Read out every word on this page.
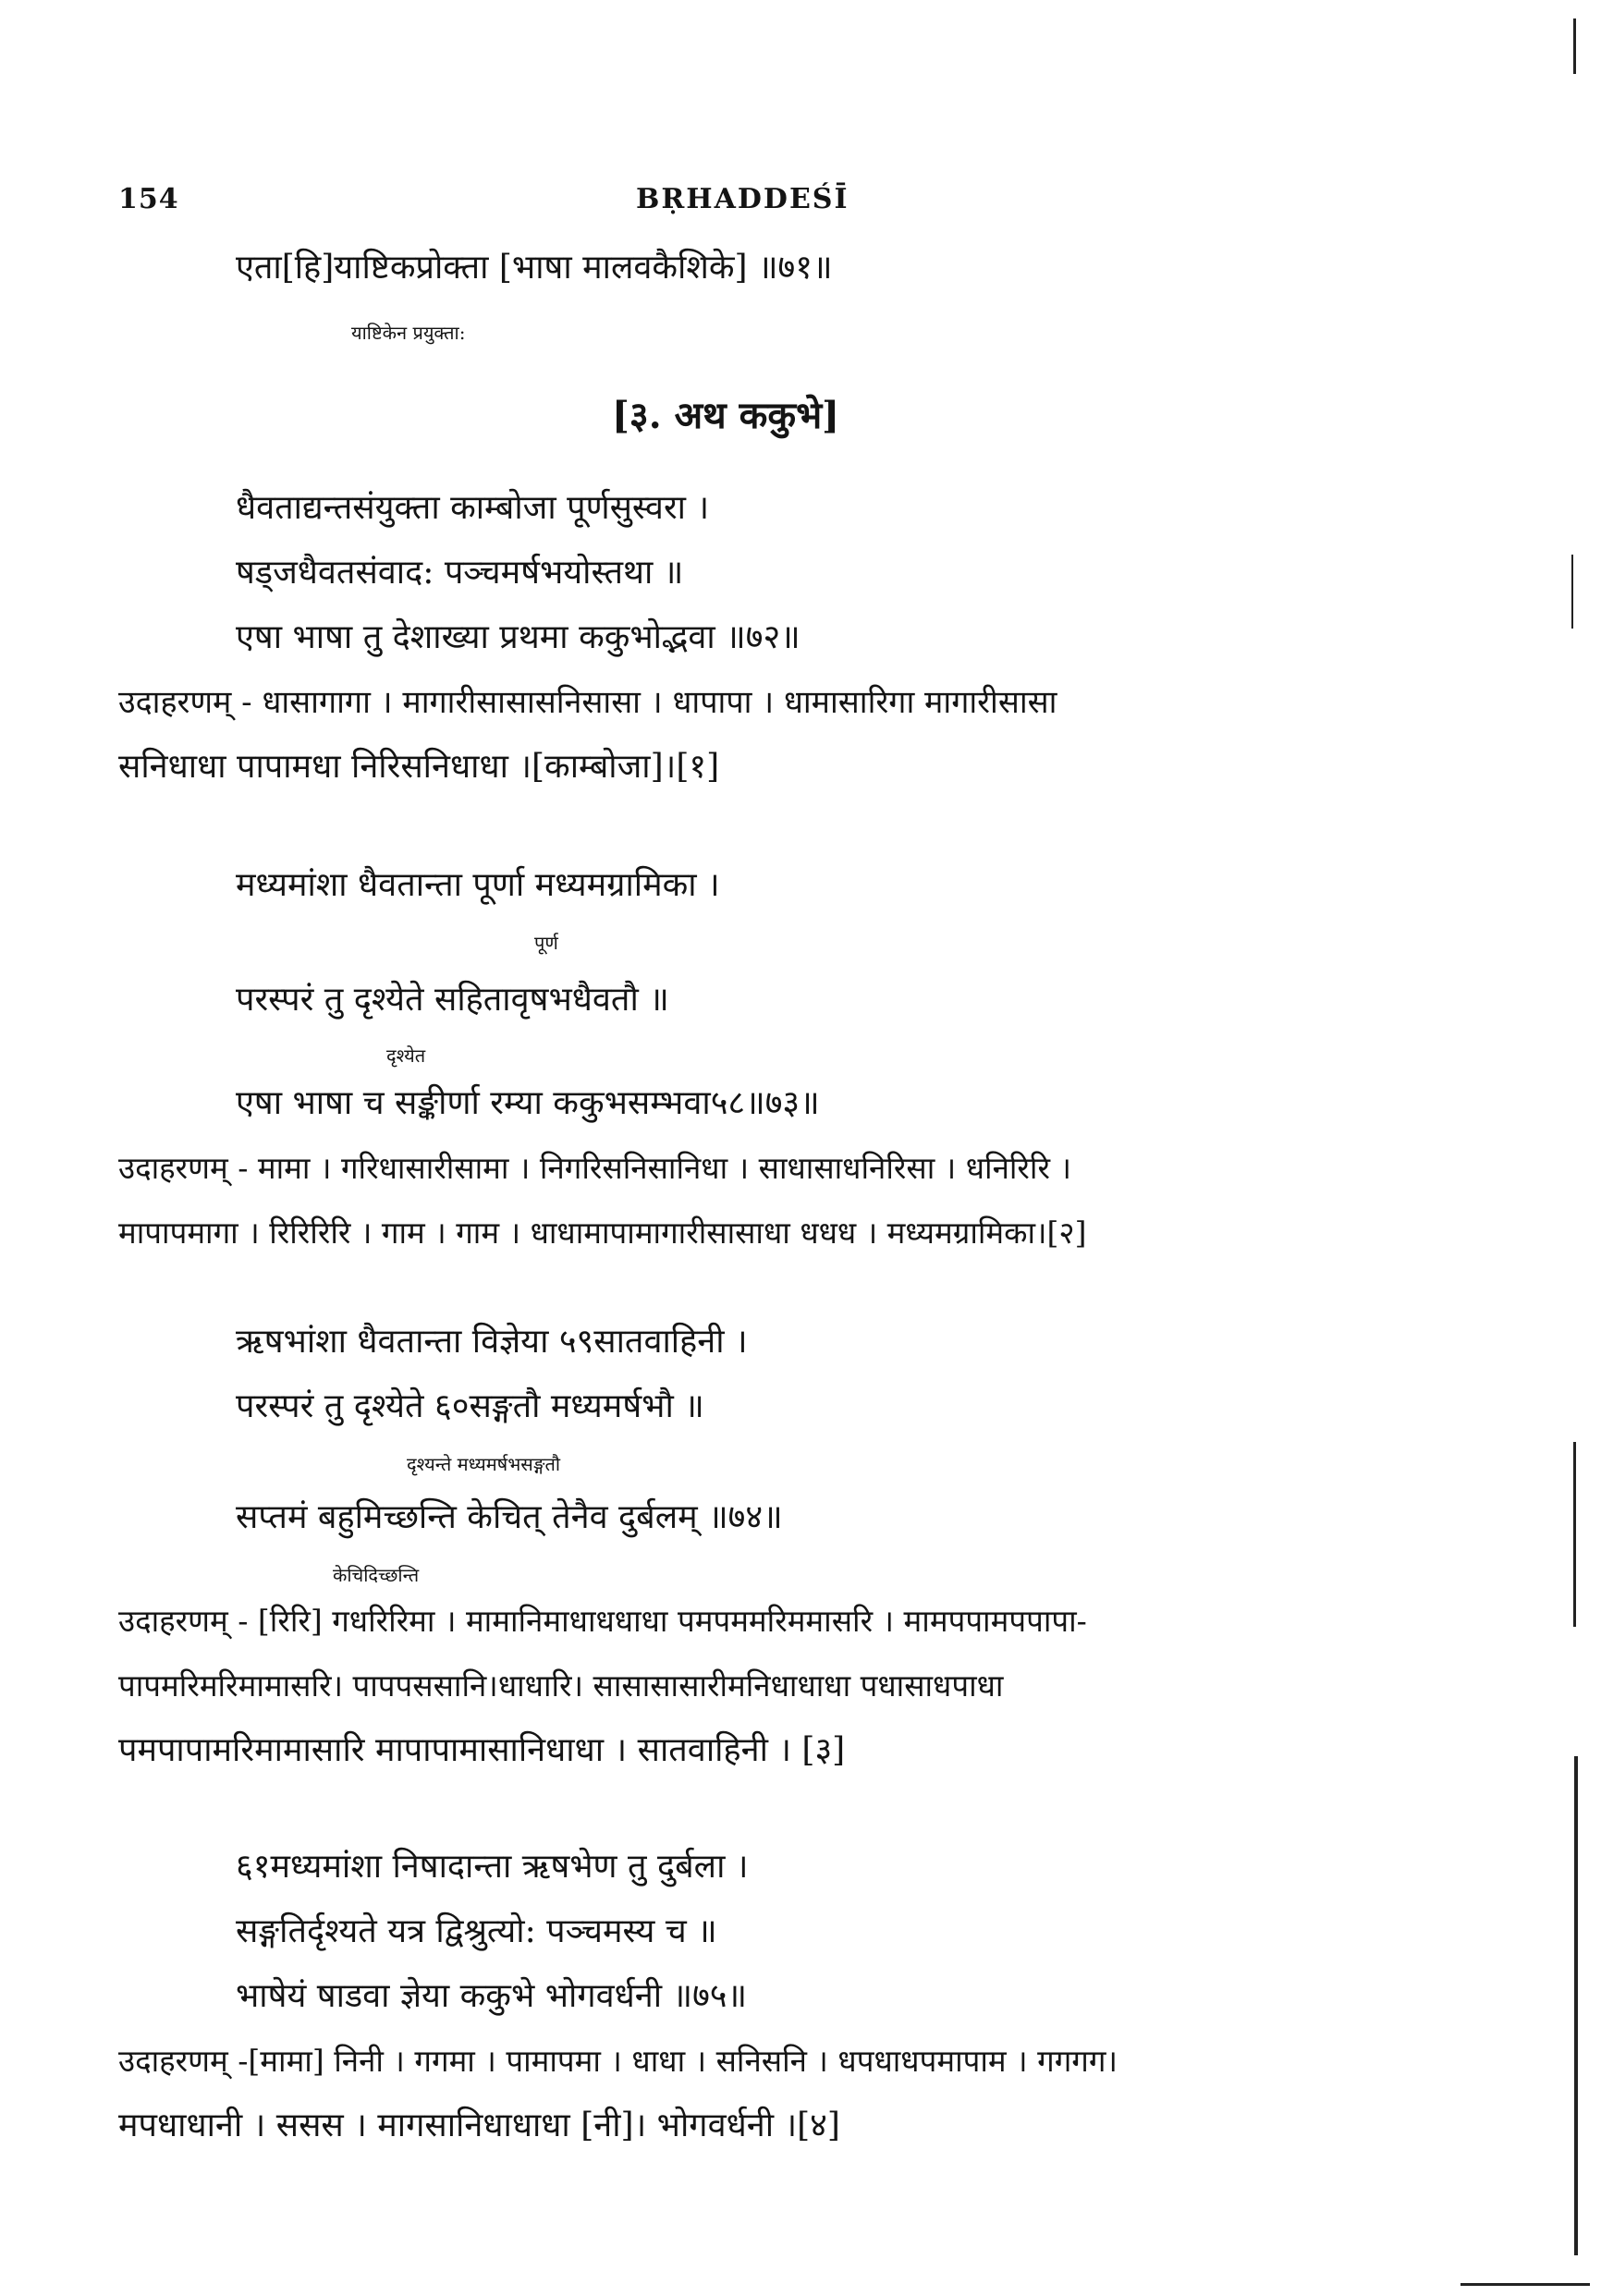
154	BṚHADDEŚĪ
एता[हि]याष्टिकप्रोक्ता [भाषा मालवकैशिके] ॥७१॥
याष्टिकेन प्रयुक्ता:
[३. अथ ककुभे]
धैवताद्यन्तसंयुक्ता काम्बोजा पूर्णसुस्वरा ।
षड्जधैवतसंवाद: पञ्चमर्षभयोस्तथा ॥
एषा भाषा तु देशाख्या प्रथमा ककुभोद्भवा ॥७२॥
उदाहरणम् - धासागागा । मागारीसासासनिसासा । धापापा । धामासारिगा मागारीसासा
सनिधाधा पापामधा निरिसनिधाधा ।[काम्बोजा]।[१]
मध्यमांशा धैवतान्ता पूर्णा मध्यमग्रामिका ।
पूर्ण
परस्परं तु दृश्येते सहितावृषभधैवतौ ॥
दृश्येत
एषा भाषा च सङ्कीर्णा रम्या ककुभसम्भवा५८॥७३॥
उदाहरणम् - मामा । गरिधासारीसामा । निगरिसनिसानिधा । साधासाधनिरिसा । धनिरिरि ।
मापापमागा । रिरिरिरि । गाम । गाम । धाधामापामागारीसासाधा धधध । मध्यमग्रामिका।[२]
ऋषभांशा धैवतान्ता विज्ञेया ५९सातवाहिनी ।
परस्परं तु दृश्येते ६०सङ्गतौ मध्यमर्षभौ ॥
दृश्यन्ते मध्यमर्षभसङ्गतौ
सप्तमं बहुमिच्छन्ति केचित् तेनैव दुर्बलम् ॥७४॥
केचिदिच्छन्ति
उदाहरणम् - [रिरि] गधरिरिमा । मामानिमाधाधधाधा पमपममरिममासरि । मामपपामपपापा-
पापमरिमरिमामासरि। पापपससानि।धाधारि। सासासासारीमनिधाधाधा पधासाधपाधा
पमपापामरिमामासारि मापापामासानिधाधा । सातवाहिनी । [३]
६१मध्यमांशा निषादान्ता ऋषभेण तु दुर्बला ।
सङ्गतिर्दृश्यते यत्र द्विश्रुत्यो: पञ्चमस्य च ॥
भाषेयं षाडवा ज्ञेया ककुभे भोगवर्धनी ॥७५॥
उदाहरणम् -[मामा] निनी । गगमा । पामापमा । धाधा । सनिसनि । धपधाधपमापाम । गगगग।
मपधाधानी । ससस । मागसानिधाधाधा [नी]। भोगवर्धनी ।[४]
